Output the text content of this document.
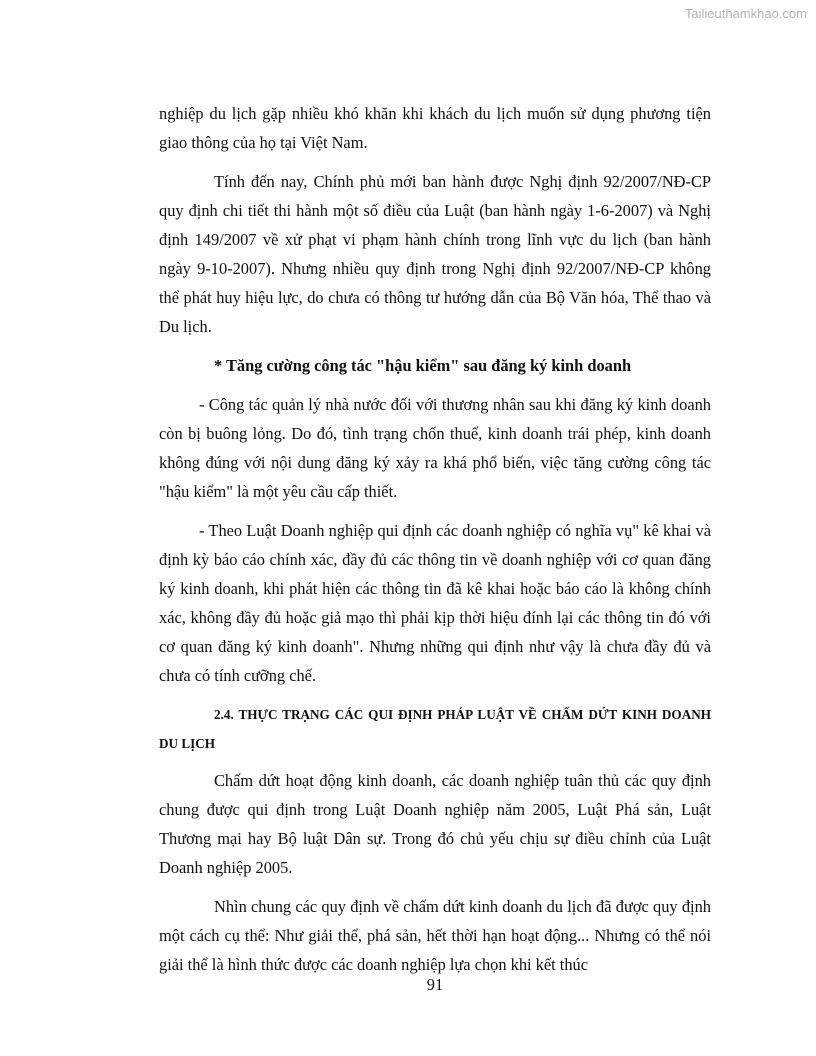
Tailieuthamkhao.com

nghiệp du lịch gặp nhiều khó khăn khi khách du lịch muốn sử dụng phương tiện giao thông của họ tại Việt Nam.

Tính đến nay, Chính phủ mới ban hành được Nghị định 92/2007/NĐ-CP quy định chi tiết thi hành một số điều của Luật (ban hành ngày 1-6-2007) và Nghị định 149/2007 về xử phạt vi phạm hành chính trong lĩnh vực du lịch (ban hành ngày 9-10-2007). Nhưng nhiều quy định trong Nghị định 92/2007/NĐ-CP không thể phát huy hiệu lực, do chưa có thông tư hướng dẫn của Bộ Văn hóa, Thể thao và Du lịch.

* Tăng cường công tác "hậu kiểm" sau đăng ký kinh doanh

- Công tác quản lý nhà nước đối với thương nhân sau khi đăng ký kinh doanh còn bị buông lỏng. Do đó, tình trạng chốn thuế, kinh doanh trái phép, kinh doanh không đúng với nội dung đăng ký xảy ra khá phổ biến, việc tăng cường công tác "hậu kiểm" là một yêu cầu cấp thiết.

- Theo Luật Doanh nghiệp qui định các doanh nghiệp có nghĩa vụ" kê khai và định kỳ báo cáo chính xác, đầy đủ các thông tin về doanh nghiệp với cơ quan đăng ký kinh doanh, khi phát hiện các thông tin đã kê khai hoặc báo cáo là không chính xác, không đầy đủ hoặc giả mạo thì phải kịp thời hiệu đính lại các thông tin đó với cơ quan đăng ký kinh doanh". Nhưng những qui định như vậy là chưa đầy đủ và chưa có tính cưỡng chế.

2.4. THỰC TRẠNG CÁC QUI ĐỊNH PHÁP LUẬT VỀ CHẤM DỨT KINH DOANH DU LỊCH

Chấm dứt hoạt động kinh doanh, các doanh nghiệp tuân thủ các quy định chung được qui định trong Luật Doanh nghiệp năm 2005, Luật Phá sản, Luật Thương mại hay Bộ luật Dân sự. Trong đó chủ yếu chịu sự điều chỉnh của Luật Doanh nghiệp 2005.

Nhìn chung các quy định về chấm dứt kinh doanh du lịch đã được quy định một cách cụ thể: Như giải thể, phá sản, hết thời hạn hoạt động... Nhưng có thể nói giải thể là hình thức được các doanh nghiệp lựa chọn khi kết thúc

91
